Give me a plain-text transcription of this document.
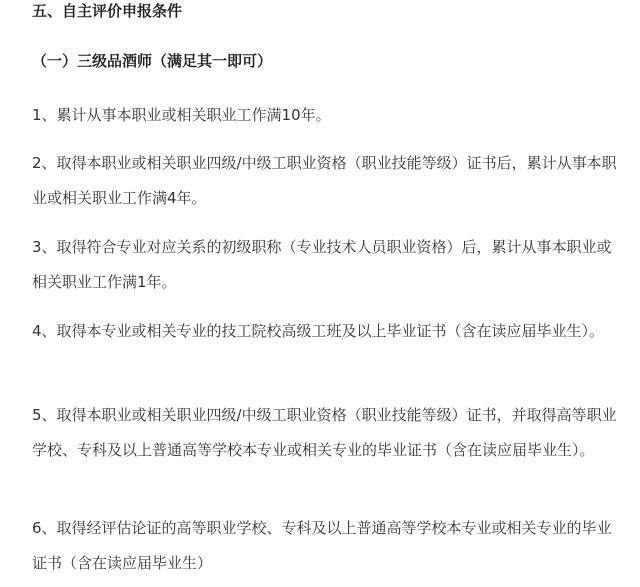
五、自主评价申报条件
（一）三级品酒师（满足其一即可）
1、累计从事本职业或相关职业工作满10年。
2、取得本职业或相关职业四级/中级工职业资格（职业技能等级）证书后，累计从事本职业或相关职业工作满4年。
3、取得符合专业对应关系的初级职称（专业技术人员职业资格）后，累计从事本职业或相关职业工作满1年。
4、取得本专业或相关专业的技工院校高级工班及以上毕业证书（含在读应届毕业生）。
5、取得本职业或相关职业四级/中级工职业资格（职业技能等级）证书，并取得高等职业学校、专科及以上普通高等学校本专业或相关专业的毕业证书（含在读应届毕业生）。
6、取得经评估论证的高等职业学校、专科及以上普通高等学校本专业或相关专业的毕业证书（含在读应届毕业生）
